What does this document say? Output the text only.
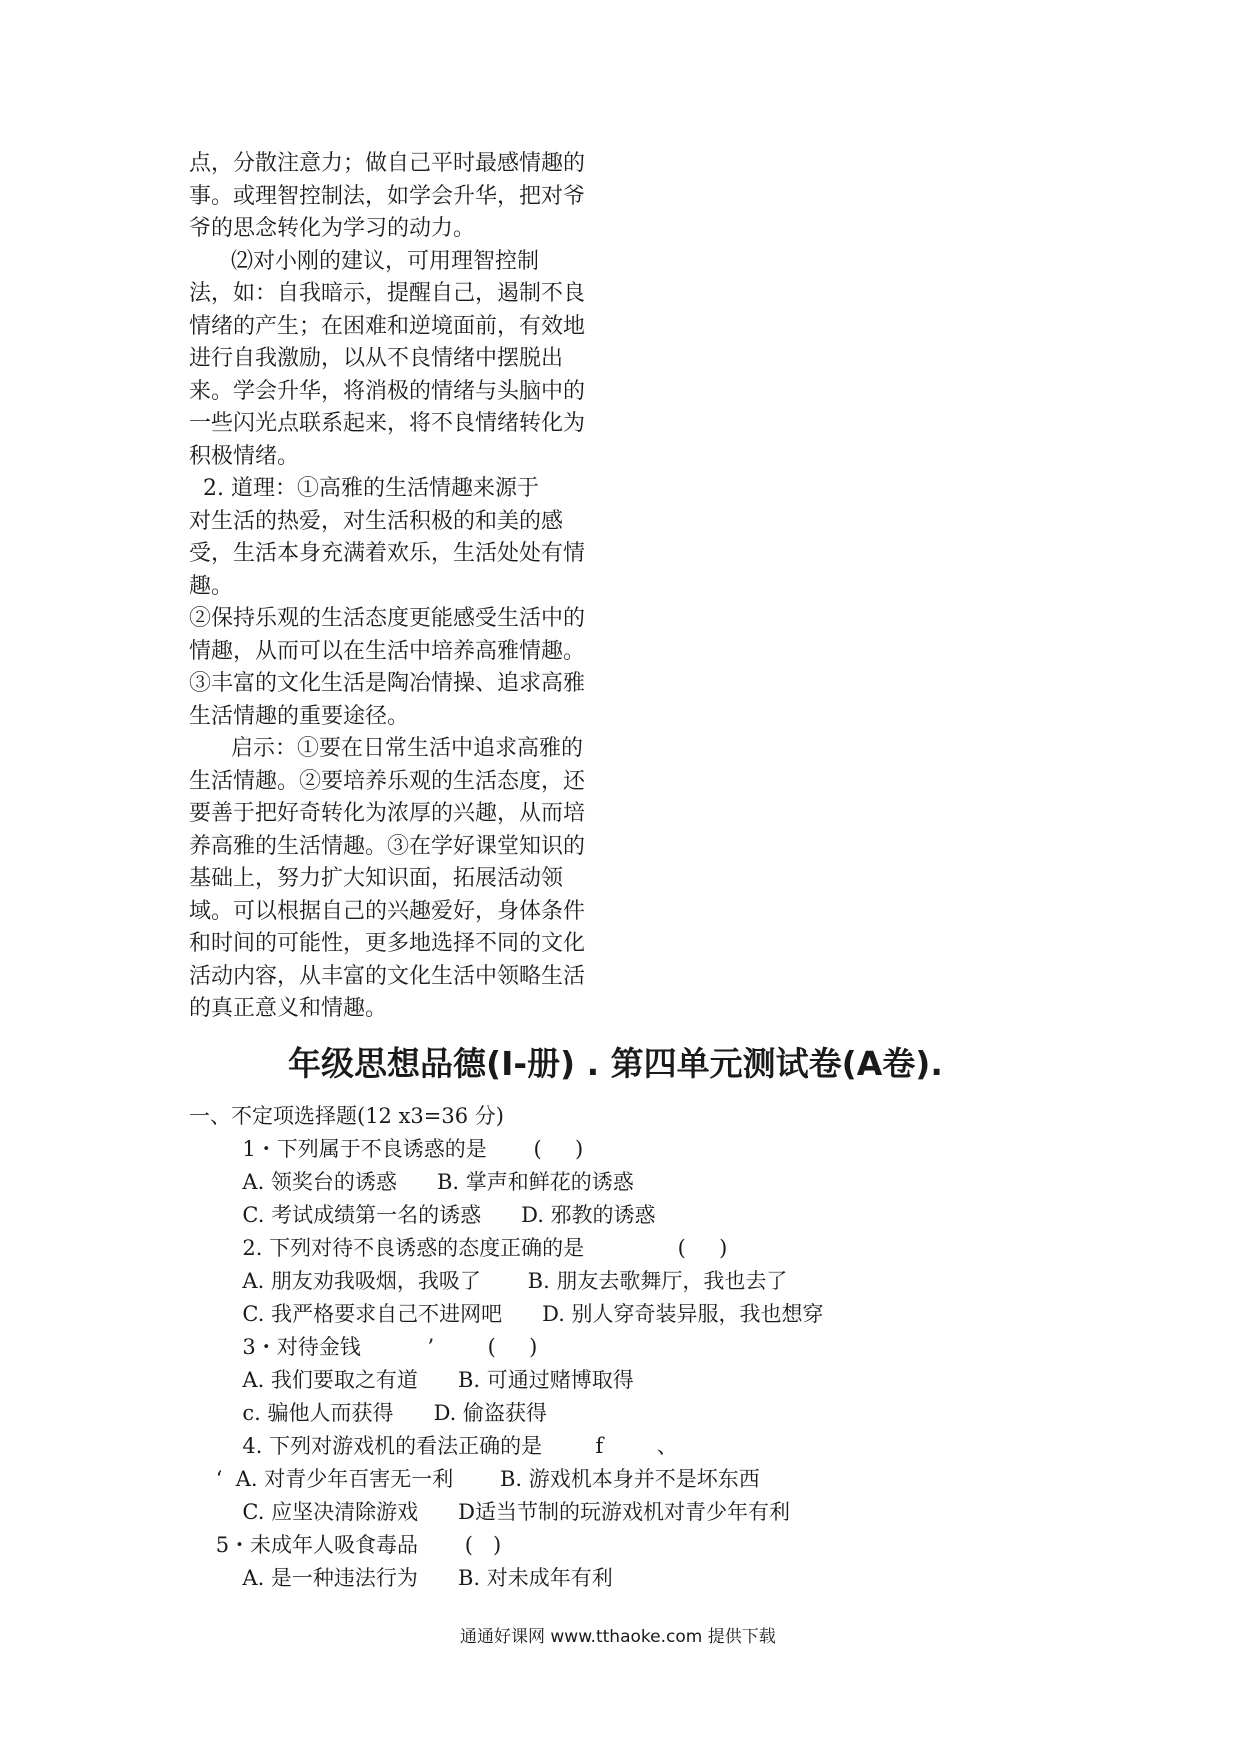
点，分散注意力；做自己平时最感情趣的
事。或理智控制法，如学会升华，把对爷
爷的思念转化为学习的动力。
⑵对小刚的建议，可用理智控制
法，如：自我暗示，提醒自己，遏制不良
情绪的产生；在困难和逆境面前，有效地
进行自我激励，以从不良情绪中摆脱出
来。学会升华，将消极的情绪与头脑中的
一些闪光点联系起来，将不良情绪转化为
积极情绪。
2. 道理：①高雅的生活情趣来源于
对生活的热爱，对生活积极的和美的感
受，生活本身充满着欢乐，生活处处有情
趣。
②保持乐观的生活态度更能感受生活中的
情趣，从而可以在生活中培养高雅情趣。
③丰富的文化生活是陶冶情操、追求高雅
生活情趣的重要途径。
启示：①要在日常生活中追求高雅的
生活情趣。②要培养乐观的生活态度，还
要善于把好奇转化为浓厚的兴趣，从而培
养高雅的生活情趣。③在学好课堂知识的
基础上，努力扩大知识面，拓展活动领
域。可以根据自己的兴趣爱好，身体条件
和时间的可能性，更多地选择不同的文化
活动内容，从丰富的文化生活中领略生活
的真正意义和情趣。
年级思想品德(I-册) . 第四单元测试卷(A卷).
一、不定项选择题(12 x3=36 分)
1・下列属于不良诱惑的是       (     )
A. 领奖台的诱惑      B. 掌声和鲜花的诱惑
C. 考试成绩第一名的诱惑      D. 邪教的诱惑
2. 下列对待不良诱惑的态度正确的是              (     )
A. 朋友劝我吸烟，我吸了       B. 朋友去歌舞厅，我也去了
C. 我严格要求自己不进网吧      D. 别人穿奇装异服，我也想穿
3・对待金钱          ’        (     )
A. 我们要取之有道      B. 可通过赌博取得
c. 骗他人而获得      D. 偷盗获得
4. 下列对游戏机的看法正确的是        f        、
‘  A. 对青少年百害无一利       B. 游戏机本身并不是坏东西
C. 应坚决清除游戏      D适当节制的玩游戏机对青少年有利
5・未成年人吸食毒品       (   )
A. 是一种违法行为      B. 对未成年有利
通通好课网 www.tthaoke.com 提供下载
